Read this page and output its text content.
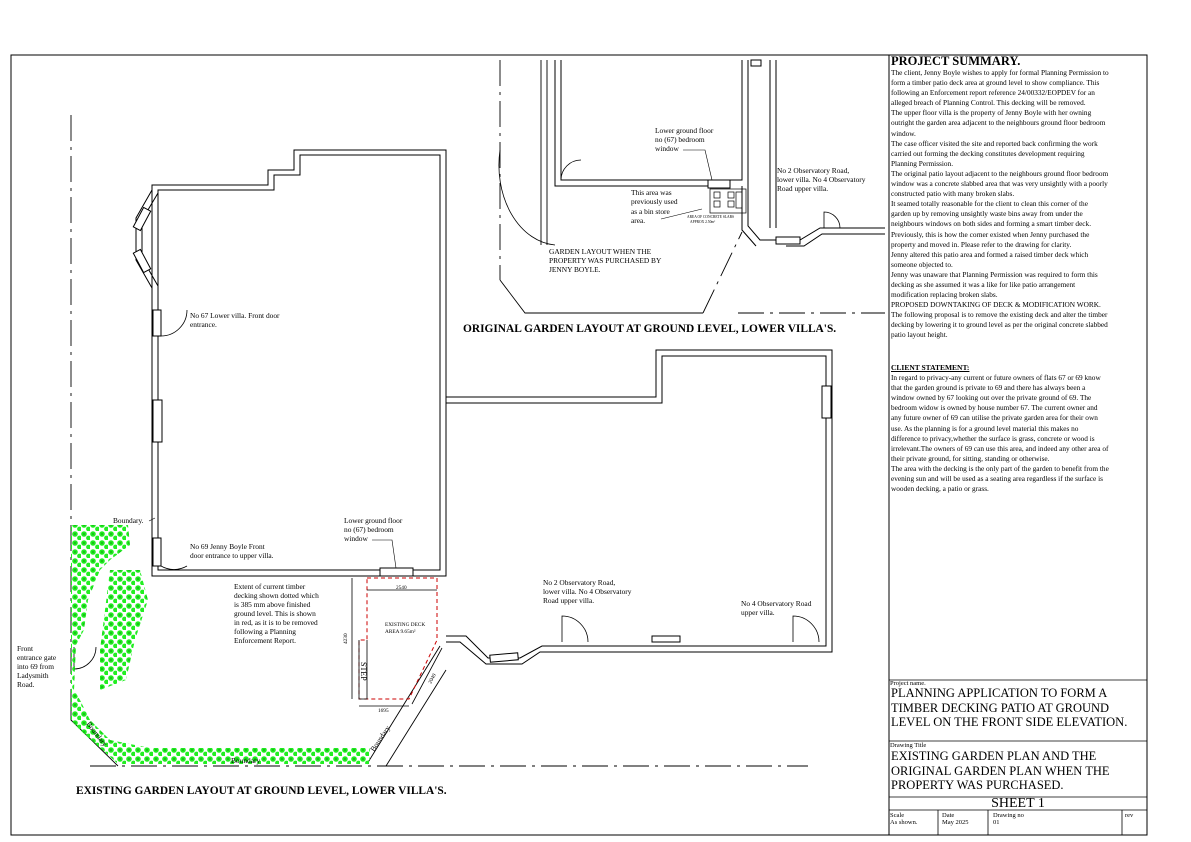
No 67 Lower villa. Front door
entrance.
Boundary.
No 69 Jenny Boyle Front
door entrance to upper villa.
Lower ground floor
no (67) bedroom
window
Extent of current timber
decking shown dotted which
is 385 mm above finished
ground level. This is shown
in red, as it is to be removed
following a Planning
Enforcement Report.
Front
entrance gate
into 69 from
Ladysmith
Road.
No 2 Observatory Road,
lower villa. No 4 Observatory
Road upper villa.	No 4 Observatory Road
upper villa.
Boundary
Boundary	Boundary
EXISTING DECK
AREA 9.65m²
2540
4230
1695
2040
STEP
EXISTING GARDEN LAYOUT AT GROUND LEVEL, LOWER VILLA'S.
Lower ground floor
no (67) bedroom
window
This area was
previously used
as a bin store
area.
No 2 Observatory Road,
lower villa. No 4 Observatory
Road upper villa.
GARDEN LAYOUT WHEN THE
PROPERTY WAS PURCHASED BY
JENNY BOYLE.
AREA OF CONCRETE SLABS
APPROX 2.50m²
ORIGINAL GARDEN LAYOUT AT GROUND LEVEL, LOWER VILLA'S.
PROJECT SUMMARY.
The client, Jenny Boyle wishes to apply for formal Planning Permission to
form a timber patio deck area at ground level to show compliance. This
following an Enforcement report reference 24/00332/EOPDEV for an
alleged breach of Planning Control. This decking will be removed.
The upper floor villa is the property of Jenny Boyle with her owning
outright the garden area adjacent to the neighbours ground floor bedroom
window.
The case officer visited the site and reported back confirming the work
carried out forming the decking constitutes development requiring
Planning Permission.
The original patio layout adjacent to the neighbours ground floor bedroom
window was a concrete slabbed area that was very unsightly with a poorly
constructed patio with many broken slabs.
It seamed totally reasonable for the client to clean this corner of the
garden up by removing unsightly waste bins away from under the
neighbours windows on both sides and forming a smart timber deck.
Previously, this is how the corner existed when Jenny purchased the
property and moved in. Please refer to the drawing for clarity.
Jenny altered this patio area and formed a raised timber deck which
someone objected to.
Jenny was unaware that Planning Permission was required to form this
decking as she assumed it was a like for like patio arrangement
modification replacing broken slabs.
PROPOSED DOWNTAKING OF DECK & MODIFICATION WORK.
The following proposal is to remove the existing deck and alter the timber
decking by lowering it to ground level as per the original concrete slabbed
patio layout height.
CLIENT STATEMENT:
In regard to privacy-any current or future owners of flats 67 or 69 know
that the garden ground is private to 69 and there has always been a
window owned by 67 looking out over the private ground of 69. The
bedroom widow is owned by house number 67. The current owner and
any future owner of 69 can utilise the private garden area for their own
use. As the planning is for a ground level material this makes no
difference to privacy,whether the surface is grass, concrete or wood is
irrelevant.The owners of 69 can use this area, and indeed any other area of
their private ground, for sitting, standing or otherwise.
The area with the decking is the only part of the garden to benefit from the
evening sun and will be used as a seating area regardless if the surface is
wooden decking, a patio or grass.
Project name.
PLANNING APPLICATION TO FORM A
TIMBER DECKING PATIO AT GROUND
LEVEL ON THE FRONT SIDE ELEVATION.
Drawing Title
EXISTING GARDEN PLAN AND THE
ORIGINAL GARDEN PLAN WHEN THE
PROPERTY WAS PURCHASED.
SHEET 1
Scale
As shown.
Date
May 2025
Drawing no
01
rev
